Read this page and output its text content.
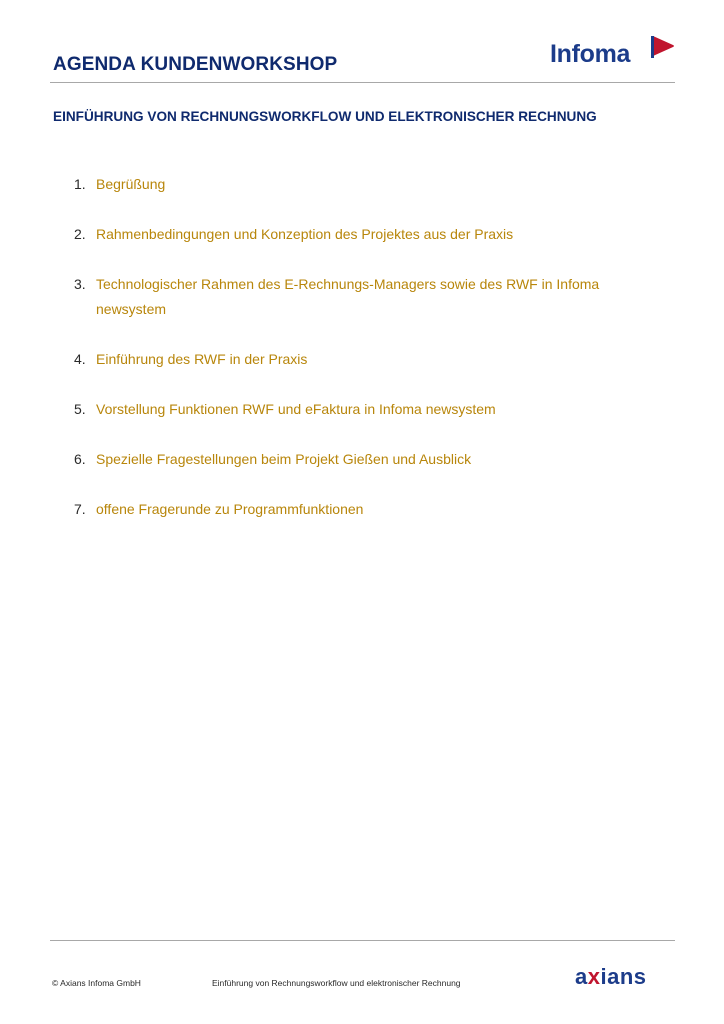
AGENDA KUNDENWORKSHOP	Infoma
EINFÜHRUNG VON RECHNUNGSWORKFLOW UND ELEKTRONISCHER RECHNUNG
1. Begrüßung
2. Rahmenbedingungen und Konzeption des Projektes aus der Praxis
3. Technologischer Rahmen des E-Rechnungs-Managers sowie des RWF in Infoma newsystem
4. Einführung des RWF in der Praxis
5. Vorstellung Funktionen RWF und eFaktura in Infoma newsystem
6. Spezielle Fragestellungen beim Projekt Gießen und Ausblick
7. offene Fragerunde zu Programmfunktionen
© Axians Infoma GmbH	Einführung von Rechnungsworkflow und elektronischer Rechnung	axians
